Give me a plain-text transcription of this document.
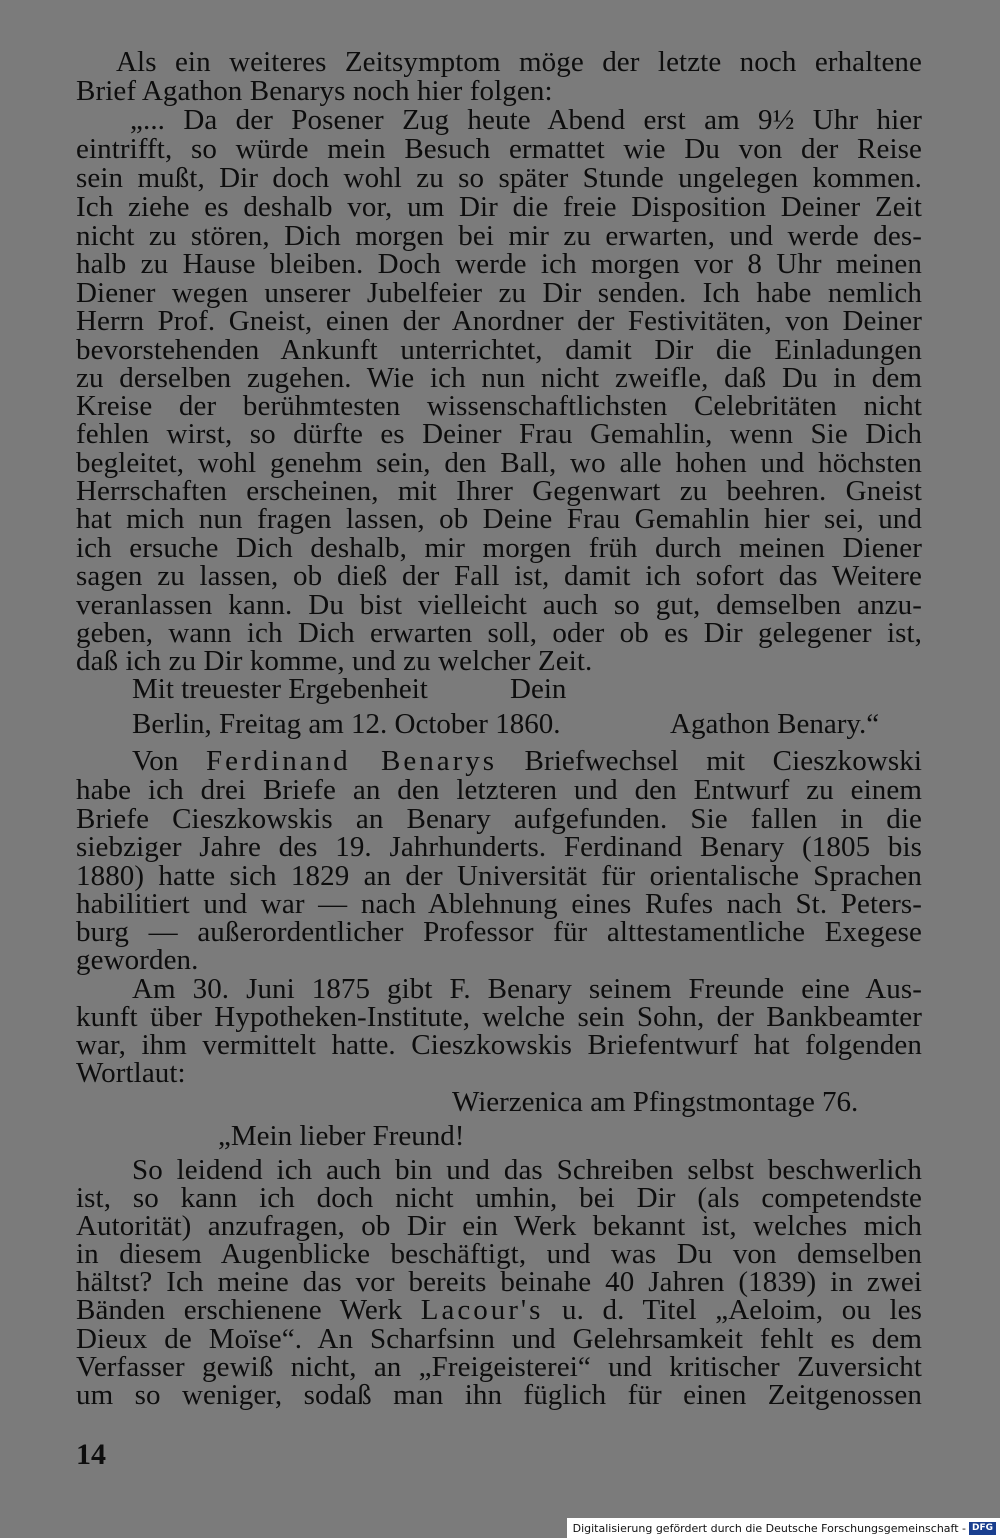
Als ein weiteres Zeitsymptom möge der letzte noch erhaltene
Brief Agathon Benarys noch hier folgen:
„... Da der Posener Zug heute Abend erst am 9½ Uhr hier
eintrifft, so würde mein Besuch ermattet wie Du von der Reise
sein mußt, Dir doch wohl zu so später Stunde ungelegen kommen.
Ich ziehe es deshalb vor, um Dir die freie Disposition Deiner Zeit
nicht zu stören, Dich morgen bei mir zu erwarten, und werde des-
halb zu Hause bleiben. Doch werde ich morgen vor 8 Uhr meinen
Diener wegen unserer Jubelfeier zu Dir senden. Ich habe nemlich
Herrn Prof. Gneist, einen der Anordner der Festivitäten, von Deiner
bevorstehenden Ankunft unterrichtet, damit Dir die Einladungen
zu derselben zugehen. Wie ich nun nicht zweifle, daß Du in dem
Kreise der berühmtesten wissenschaftlichsten Celebritäten nicht
fehlen wirst, so dürfte es Deiner Frau Gemahlin, wenn Sie Dich
begleitet, wohl genehm sein, den Ball, wo alle hohen und höchsten
Herrschaften erscheinen, mit Ihrer Gegenwart zu beehren. Gneist
hat mich nun fragen lassen, ob Deine Frau Gemahlin hier sei, und
ich ersuche Dich deshalb, mir morgen früh durch meinen Diener
sagen zu lassen, ob dieß der Fall ist, damit ich sofort das Weitere
veranlassen kann. Du bist vielleicht auch so gut, demselben anzu-
geben, wann ich Dich erwarten soll, oder ob es Dir gelegener ist,
daß ich zu Dir komme, und zu welcher Zeit.
Mit treuester Ergebenheit	Dein
Berlin, Freitag am 12. October 1860.	Agathon Benary.“
Von Ferdinand Benarys Briefwechsel mit Cieszkowski
habe ich drei Briefe an den letzteren und den Entwurf zu einem
Briefe Cieszkowskis an Benary aufgefunden. Sie fallen in die
siebziger Jahre des 19. Jahrhunderts. Ferdinand Benary (1805 bis
1880) hatte sich 1829 an der Universität für orientalische Sprachen
habilitiert und war — nach Ablehnung eines Rufes nach St. Peters-
burg — außerordentlicher Professor für alttestamentliche Exegese
geworden.
Am 30. Juni 1875 gibt F. Benary seinem Freunde eine Aus-
kunft über Hypotheken-Institute, welche sein Sohn, der Bankbeamter
war, ihm vermittelt hatte. Cieszkowskis Briefentwurf hat folgenden
Wortlaut:
Wierzenica am Pfingstmontage 76.
„Mein lieber Freund!
So leidend ich auch bin und das Schreiben selbst beschwerlich
ist, so kann ich doch nicht umhin, bei Dir (als competendste
Autorität) anzufragen, ob Dir ein Werk bekannt ist, welches mich
in diesem Augenblicke beschäftigt, und was Du von demselben
hältst? Ich meine das vor bereits beinahe 40 Jahren (1839) in zwei
Bänden erschienene Werk Lacour's u. d. Titel „Aeloim, ou les
Dieux de Moïse“. An Scharfsinn und Gelehrsamkeit fehlt es dem
Verfasser gewiß nicht, an „Freigeisterei“ und kritischer Zuversicht
um so weniger, sodaß man ihn füglich für einen Zeitgenossen
14
Digitalisierung gefördert durch die Deutsche Forschungsgemeinschaft - DFG
